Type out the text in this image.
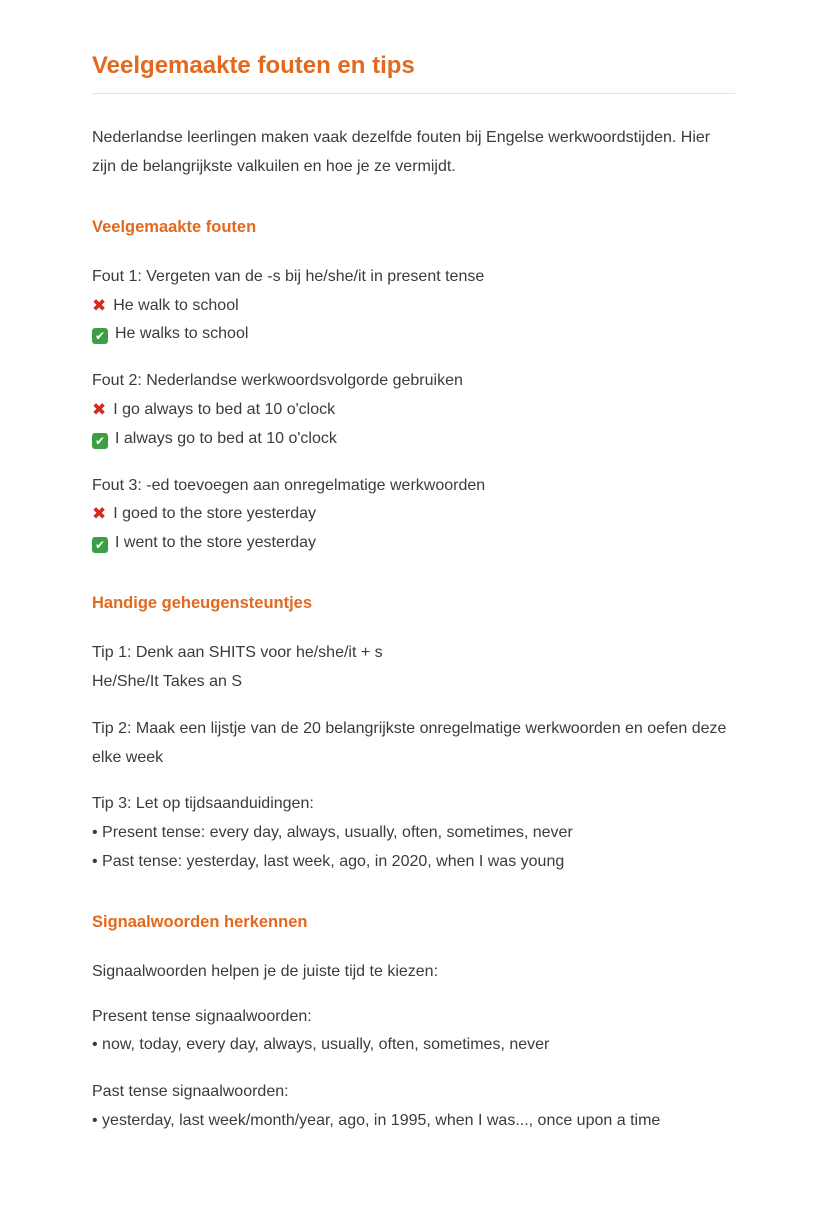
Veelgemaakte fouten en tips

Nederlandse leerlingen maken vaak dezelfde fouten bij Engelse werkwoordstijden. Hier zijn de belangrijkste valkuilen en hoe je ze vermijdt.

Veelgemaakte fouten

Fout 1: Vergeten van de -s bij he/she/it in present tense

✖ He walk to school

✔ He walks to school

Fout 2: Nederlandse werkwoordsvolgorde gebruiken

✖ I go always to bed at 10 o'clock

✔ I always go to bed at 10 o'clock

Fout 3: -ed toevoegen aan onregelmatige werkwoorden

✖ I goed to the store yesterday

✔ I went to the store yesterday

Handige geheugensteuntjes

Tip 1: Denk aan SHITS voor he/she/it + s

He/She/It Takes an S

Tip 2: Maak een lijstje van de 20 belangrijkste onregelmatige werkwoorden en oefen deze elke week

Tip 3: Let op tijdsaanduidingen:

• Present tense: every day, always, usually, often, sometimes, never

• Past tense: yesterday, last week, ago, in 2020, when I was young

Signaalwoorden herkennen

Signaalwoorden helpen je de juiste tijd te kiezen:

Present tense signaalwoorden:

• now, today, every day, always, usually, often, sometimes, never

Past tense signaalwoorden:

• yesterday, last week/month/year, ago, in 1995, when I was..., once upon a time
